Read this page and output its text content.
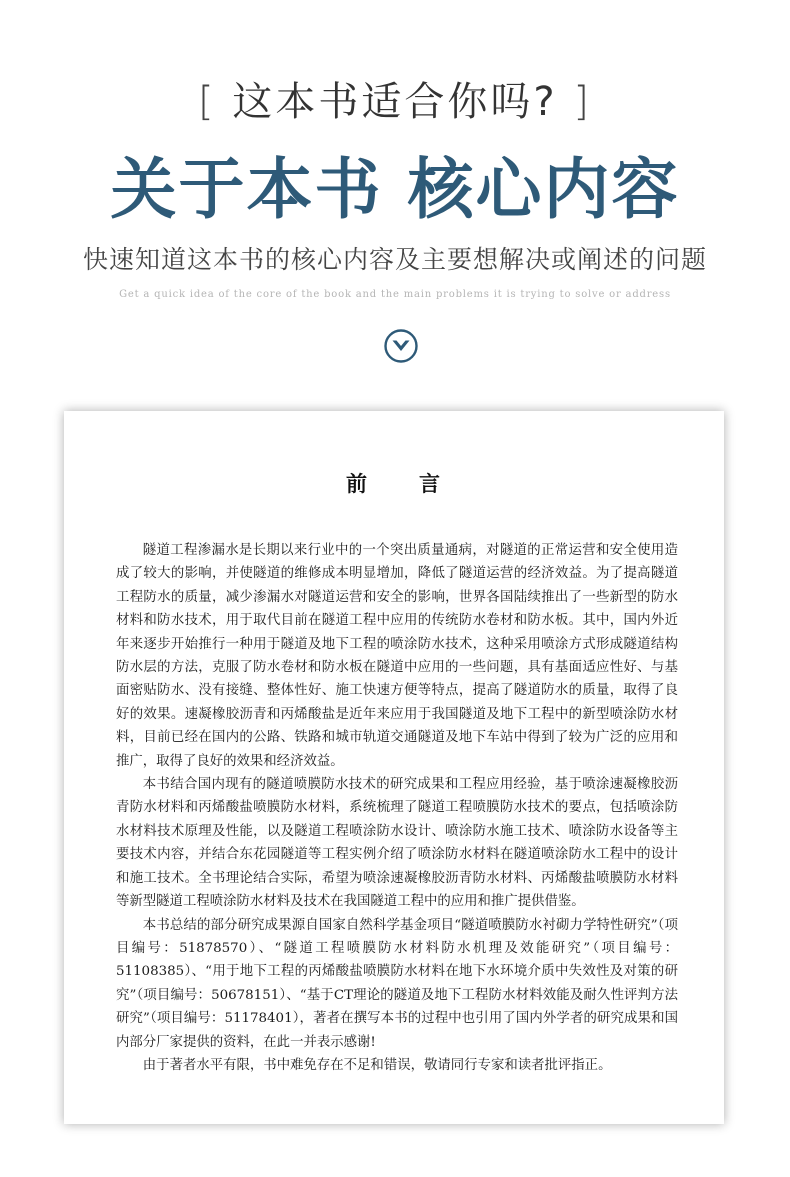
[ 这本书适合你吗? ]
关于本书 核心内容
快速知道这本书的核心内容及主要想解决或阐述的问题
Get a quick idea of the core of the book and the main problems it is trying to solve or address
前 言

隧道工程渗漏水是长期以来行业中的一个突出质量通病，对隧道的正常运营和安全使用造成了较大的影响，并使隧道的维修成本明显增加，降低了隧道运营的经济效益。为了提高隧道工程防水的质量，减少渗漏水对隧道运营和安全的影响，世界各国陆续推出了一些新型的防水材料和防水技术，用于取代目前在隧道工程中应用的传统防水卷材和防水板。其中，国内外近年来逐步开始推行一种用于隧道及地下工程的喷涂防水技术，这种采用喷涂方式形成隧道结构防水层的方法，克服了防水卷材和防水板在隧道中应用的一些问题，具有基面适应性好、与基面密贴防水、没有接缝、整体性好、施工快速方便等特点，提高了隧道防水的质量，取得了良好的效果。速凝橡胶沥青和丙烯酸盐是近年来应用于我国隧道及地下工程中的新型喷涂防水材料，目前已经在国内的公路、铁路和城市轨道交通隧道及地下车站中得到了较为广泛的应用和推广，取得了良好的效果和经济效益。

本书结合国内现有的隧道喷膜防水技术的研究成果和工程应用经验，基于喷涂速凝橡胶沥青防水材料和丙烯酸盐喷膜防水材料，系统梳理了隧道工程喷膜防水技术的要点，包括喷涂防水材料技术原理及性能，以及隧道工程喷涂防水设计、喷涂防水施工技术、喷涂防水设备等主要技术内容，并结合东花园隧道等工程实例介绍了喷涂防水材料在隧道喷涂防水工程中的设计和施工技术。全书理论结合实际，希望为喷涂速凝橡胶沥青防水材料、丙烯酸盐喷膜防水材料等新型隧道工程喷涂防水材料及技术在我国隧道工程中的应用和推广提供借鉴。

本书总结的部分研究成果源自国家自然科学基金项目“隧道喷膜防水衬砌力学特性研究”（项目编号：51878570）、“隧道工程喷膜防水材料防水机理及效能研究”（项目编号：51108385）、“用于地下工程的丙烯酸盐喷膜防水材料在地下水环境介质中失效性及对策的研究”（项目编号：50678151）、“基于CT理论的隧道及地下工程防水材料效能及耐久性评判方法研究”（项目编号：51178401），著者在撰写本书的过程中也引用了国内外学者的研究成果和国内部分厂家提供的资料，在此一并表示感谢!

由于著者水平有限，书中难免存在不足和错误，敬请同行专家和读者批评指正。
